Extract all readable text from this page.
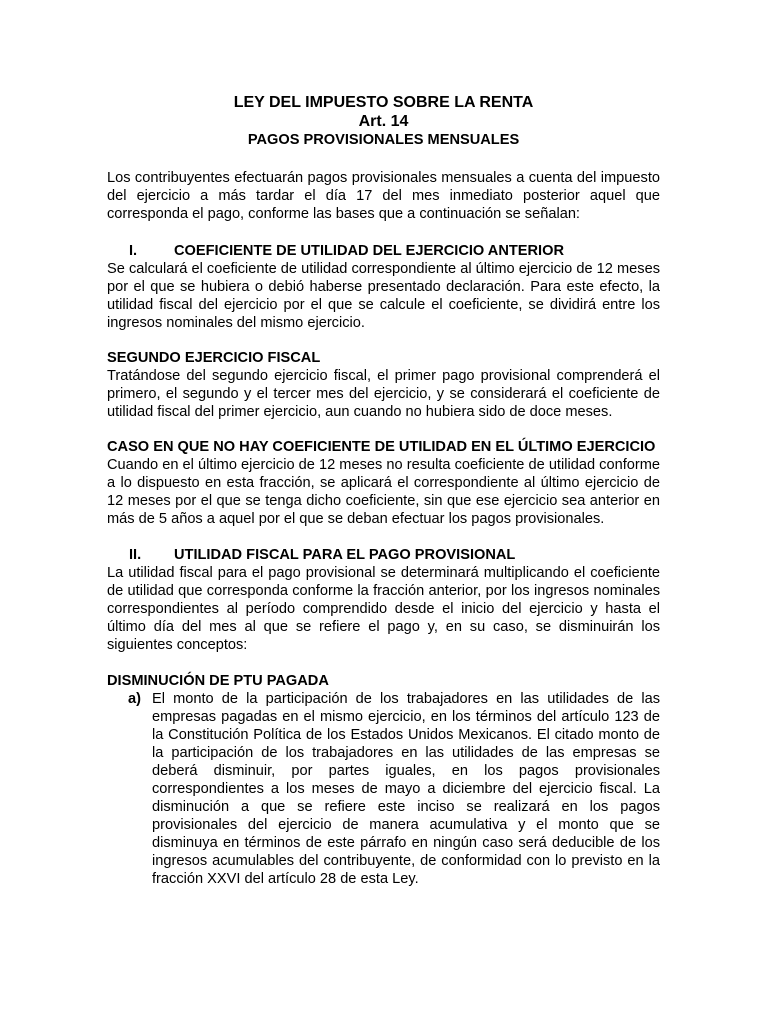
LEY DEL IMPUESTO SOBRE LA RENTA
Art. 14
PAGOS PROVISIONALES MENSUALES

Los contribuyentes efectuarán pagos provisionales mensuales a cuenta del impuesto del ejercicio a más tardar el día 17 del mes inmediato posterior aquel que corresponda el pago, conforme las bases que a continuación se señalan:

I.	COEFICIENTE DE UTILIDAD DEL EJERCICIO ANTERIOR

Se calculará el coeficiente de utilidad correspondiente al último ejercicio de 12 meses por el que se hubiera o debió haberse presentado declaración. Para este efecto, la utilidad fiscal del ejercicio por el que se calcule el coeficiente, se dividirá entre los ingresos nominales del mismo ejercicio.

SEGUNDO EJERCICIO FISCAL

Tratándose del segundo ejercicio fiscal, el primer pago provisional comprenderá el primero, el segundo y el tercer mes del ejercicio, y se considerará el coeficiente de utilidad fiscal del primer ejercicio, aun cuando no hubiera sido de doce meses.

CASO EN QUE NO HAY COEFICIENTE DE UTILIDAD EN EL ÚLTIMO EJERCICIO

Cuando en el último ejercicio de 12 meses no resulta coeficiente de utilidad conforme a lo dispuesto en esta fracción, se aplicará el correspondiente al último ejercicio de 12 meses por el que se tenga dicho coeficiente, sin que ese ejercicio sea anterior en más de 5 años a aquel por el que se deban efectuar los pagos provisionales.

II.	UTILIDAD FISCAL PARA EL PAGO PROVISIONAL

La utilidad fiscal para el pago provisional se determinará multiplicando el coeficiente de utilidad que corresponda conforme la fracción anterior, por los ingresos nominales correspondientes al período comprendido desde el inicio del ejercicio y hasta el último día del mes al que se refiere el pago y, en su caso, se disminuirán los siguientes conceptos:

DISMINUCIÓN DE PTU PAGADA
a) El monto de la participación de los trabajadores en las utilidades de las empresas pagadas en el mismo ejercicio, en los términos del artículo 123 de la Constitución Política de los Estados Unidos Mexicanos. El citado monto de la participación de los trabajadores en las utilidades de las empresas se deberá disminuir, por partes iguales, en los pagos provisionales correspondientes a los meses de mayo a diciembre del ejercicio fiscal. La disminución a que se refiere este inciso se realizará en los pagos provisionales del ejercicio de manera acumulativa y el monto que se disminuya en términos de este párrafo en ningún caso será deducible de los ingresos acumulables del contribuyente, de conformidad con lo previsto en la fracción XXVI del artículo 28 de esta Ley.
